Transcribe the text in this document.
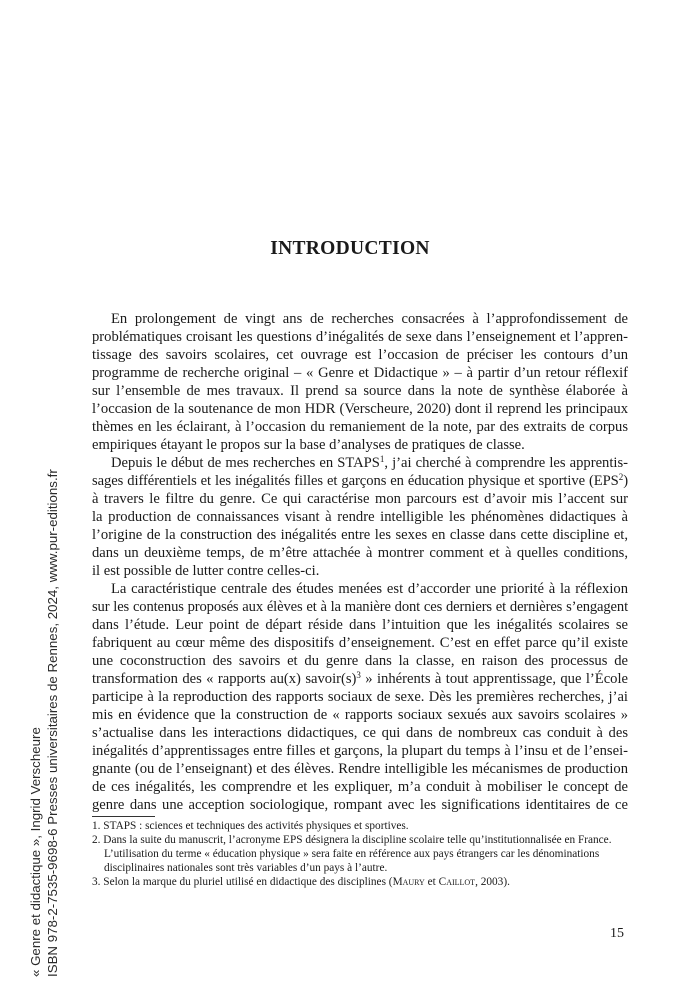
INTRODUCTION
En prolongement de vingt ans de recherches consacrées à l’approfondissement de
problématiques croisant les questions d’inégalités de sexe dans l’enseignement et l’appren-
tissage des savoirs scolaires, cet ouvrage est l’occasion de préciser les contours d’un
programme de recherche original – « Genre et Didactique » – à partir d’un retour réflexif
sur l’ensemble de mes travaux. Il prend sa source dans la note de synthèse élaborée à
l’occasion de la soutenance de mon HDR (Verscheure, 2020) dont il reprend les principaux
thèmes en les éclairant, à l’occasion du remaniement de la note, par des extraits de corpus
empiriques étayant le propos sur la base d’analyses de pratiques de classe.
Depuis le début de mes recherches en STAPS$^1$, j’ai cherché à comprendre les apprentis-
sages différentiels et les inégalités filles et garçons en éducation physique et sportive (EPS$^2$)
à travers le filtre du genre. Ce qui caractérise mon parcours est d’avoir mis l’accent sur
la production de connaissances visant à rendre intelligible les phénomènes didactiques à
l’origine de la construction des inégalités entre les sexes en classe dans cette discipline et,
dans un deuxième temps, de m’être attachée à montrer comment et à quelles conditions,
il est possible de lutter contre celles-ci.
La caractéristique centrale des études menées est d’accorder une priorité à la réflexion
sur les contenus proposés aux élèves et à la manière dont ces derniers et dernières s’engagent
dans l’étude. Leur point de départ réside dans l’intuition que les inégalités scolaires se
fabriquent au cœur même des dispositifs d’enseignement. C’est en effet parce qu’il existe
une coconstruction des savoirs et du genre dans la classe, en raison des processus de
transformation des « rapports au(x) $savoir(s)^3$ » inhérents à tout apprentissage, que l’École
participe à la reproduction des rapports sociaux de sexe. Dès les premières recherches, j’ai
mis en évidence que la construction de « rapports sociaux sexués aux savoirs scolaires »
s’actualise dans les interactions didactiques, ce qui dans de nombreux cas conduit à des
inégalités d’apprentissages entre filles et garçons, la plupart du temps à l’insu et de l’ensei-
gnante (ou de l’enseignant) et des élèves. Rendre intelligible les mécanismes de production
de ces inégalités, les comprendre et les expliquer, m’a conduit à mobiliser le concept de
genre dans une acception sociologique, rompant avec les significations identitaires de ce
1. STAPS : sciences et techniques des activités physiques et sportives.
2. Dans la suite du manuscrit, l’acronyme EPS désignera la discipline scolaire telle qu’institutionnalisée en France.
L’utilisation du terme « éducation physique » sera faite en référence aux pays étrangers car les dénominations
disciplinaires nationales sont très variables d’un pays à l’autre.
3. Selon la marque du pluriel utilisé en didactique des disciplines (Maury et Caillot, 2003).
15
« Genre et didactique », Ingrid Verscheure ISBN 978-2-7535-9698-6 Presses universitaires de Rennes, 2024, www.pur-editions.fr
